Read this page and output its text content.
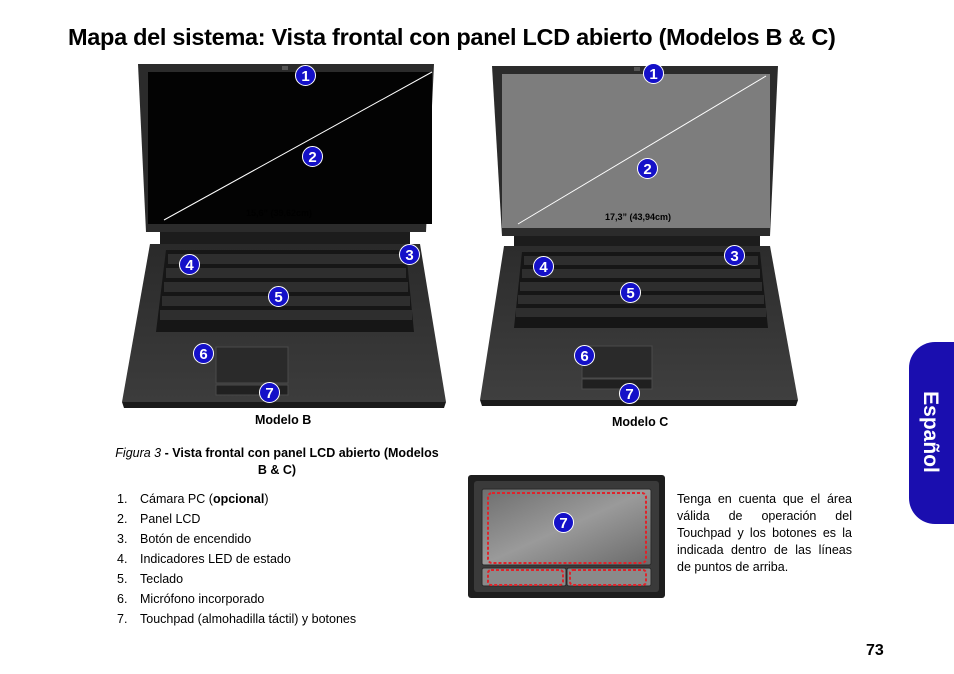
Mapa del sistema: Vista frontal con panel LCD abierto (Modelos B & C)
1
2
3
4
5
6
7
1
2
3
4
5
6
7
15,6” (39,62cm)	17,3” (43,94cm)
Modelo B	Modelo C
Figura 3 - Vista frontal con panel LCD abierto (Modelos B & C)
1. Cámara PC (opcional)
2. Panel LCD
3. Botón de encendido
4. Indicadores LED de estado
5. Teclado
6. Micrófono incorporado
7. Touchpad (almohadilla táctil) y botones
7
Tenga en cuenta que el área válida de operación del Touchpad y los botones es la indicada dentro de las líneas de puntos de arriba.
Español
73
